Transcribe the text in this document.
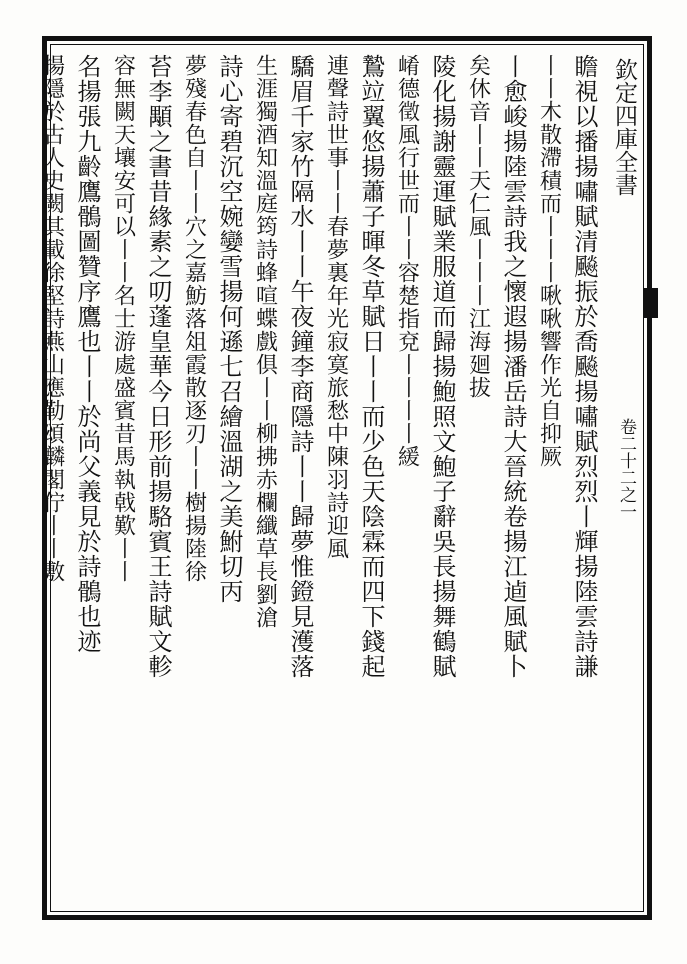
欽定四庫全書
卷二十二之一
瞻視以播揚嘯賦清飈振於喬飈揚嘯賦烈烈丨輝揚陸雲詩謙
丨丨木散滯積而丨丨丨啾啾響作光自抑厥
丨愈峻揚陸雲詩我之懷遐揚潘岳詩大晉統卷揚江逌風賦卜
矣休音丨丨天仁風丨丨丨江海廻拔
陵化揚謝靈運賦業服道而歸揚鮑照文鮑子辭吳長揚舞鶴賦
崤德徵風行世而丨丨容楚指兗丨丨丨丨緩
鷙竝翼悠揚蕭子暉冬草賦日丨丨而少色天陰霖而四下錢起
連聲詩世事丨丨春夢裏年光寂寞旅愁中陳羽詩迎風
驕眉千家竹隔水丨丨午夜鐘李商隱詩丨丨歸夢惟鐙見濩落
生涯獨酒知溫庭筠詩蜂喧蝶戲俱丨丨柳拂赤欄纖草長劉滄
詩心寄碧沉空婉孌雪揚何遜七召繪溫湖之美鮒切丙
夢殘春色自丨丨穴之嘉魴落俎霞散逐刃丨丨樹揚陸徐
苔李顒之書昔緣素之叨蓬皇華今日形前揚駱賓王詩賦文軫
容無闕天壤安可以丨丨名士游處盛賓昔馬執戟歎丨丨
名揚張九齡鷹鶻圖贊序鷹也丨丨於尚父義見於詩鶻也迹
揚隱於古人史闕其載徐堅詩燕山應勒頌麟閣佇丨丨敷
